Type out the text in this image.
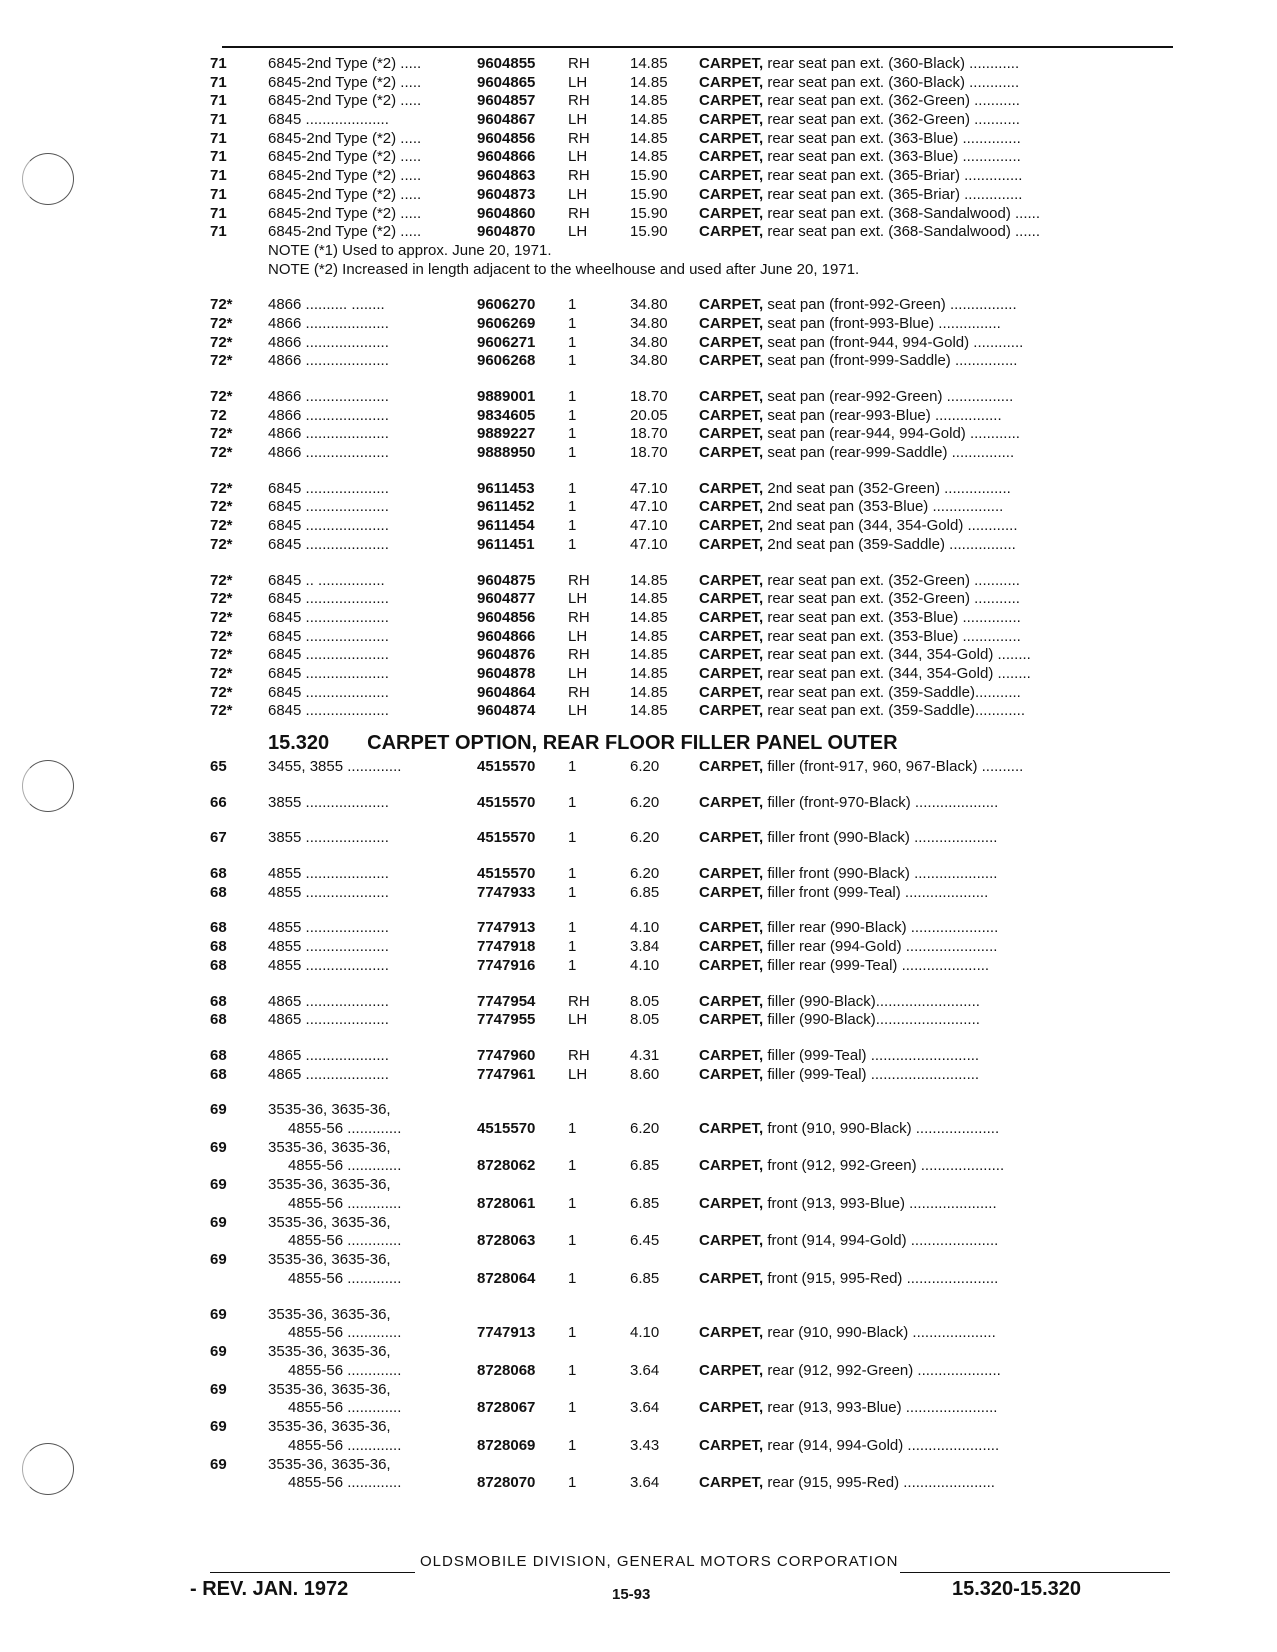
71	6845-2nd Type (*2) .....	9604855 RH	14.85 CARPET, rear seat pan ext. (360-Black) ............
71	6845-2nd Type (*2) .....	9604865 LH	14.85 CARPET, rear seat pan ext. (360-Black) ............
71	6845-2nd Type (*2) .....	9604857 RH	14.85 CARPET, rear seat pan ext. (362-Green) ...........
71	6845 ....................	9604867 LH	14.85 CARPET, rear seat pan ext. (362-Green) ...........
71	6845-2nd Type (*2) .....	9604856 RH	14.85 CARPET, rear seat pan ext. (363-Blue) ..............
71	6845-2nd Type (*2) .....	9604866 LH	14.85 CARPET, rear seat pan ext. (363-Blue) ..............
71	6845-2nd Type (*2) .....	9604863 RH	15.90 CARPET, rear seat pan ext. (365-Briar) ..............
71	6845-2nd Type (*2) .....	9604873 LH	15.90 CARPET, rear seat pan ext. (365-Briar) ..............
71	6845-2nd Type (*2) .....	9604860 RH	15.90 CARPET, rear seat pan ext. (368-Sandalwood) ......
71	6845-2nd Type (*2) .....	9604870 LH	15.90 CARPET, rear seat pan ext. (368-Sandalwood) ......
NOTE (*1) Used to approx. June 20, 1971.
NOTE (*2) Increased in length adjacent to the wheelhouse and used after June 20, 1971.
72*	4866 .......... ........	9606270 1	34.80 CARPET, seat pan (front-992-Green) ................
72*	4866 ....................	9606269 1	34.80 CARPET, seat pan (front-993-Blue) ...............
72*	4866 ....................	9606271 1	34.80 CARPET, seat pan (front-944, 994-Gold) ............
72*	4866 ....................	9606268 1	34.80 CARPET, seat pan (front-999-Saddle) ...............
72*	4866 ....................	9889001 1	18.70 CARPET, seat pan (rear-992-Green) ................
72	4866 ....................	9834605 1	20.05 CARPET, seat pan (rear-993-Blue) ................
72*	4866 ....................	9889227 1	18.70 CARPET, seat pan (rear-944, 994-Gold) ............
72*	4866 ....................	9888950 1	18.70 CARPET, seat pan (rear-999-Saddle) ...............
72*	6845 ....................	9611453 1	47.10 CARPET, 2nd seat pan (352-Green) ................
72*	6845 ....................	9611452 1	47.10 CARPET, 2nd seat pan (353-Blue) .................
72*	6845 ....................	9611454 1	47.10 CARPET, 2nd seat pan (344, 354-Gold) ............
72*	6845 ....................	9611451 1	47.10 CARPET, 2nd seat pan (359-Saddle) ................
72*	6845 .. ................	9604875 RH	14.85 CARPET, rear seat pan ext. (352-Green) ...........
72*	6845 ....................	9604877 LH	14.85 CARPET, rear seat pan ext. (352-Green) ...........
72*	6845 ....................	9604856 RH	14.85 CARPET, rear seat pan ext. (353-Blue) ..............
72*	6845 ....................	9604866 LH	14.85 CARPET, rear seat pan ext. (353-Blue) ..............
72*	6845 ....................	9604876 RH	14.85 CARPET, rear seat pan ext. (344, 354-Gold) ........
72*	6845 ....................	9604878 LH	14.85 CARPET, rear seat pan ext. (344, 354-Gold) ........
72*	6845 ....................	9604864 RH	14.85 CARPET, rear seat pan ext. (359-Saddle)...........
72*	6845 ....................	9604874 LH	14.85 CARPET, rear seat pan ext. (359-Saddle)............
15.320 CARPET OPTION, REAR FLOOR FILLER PANEL OUTER
65	3455, 3855 .............	4515570 1	6.20	CARPET, filler (front-917, 960, 967-Black) ..........
66	3855 ....................	4515570 1	6.20	CARPET, filler (front-970-Black) ....................
67	3855 ....................	4515570 1	6.20	CARPET, filler front (990-Black) ....................
68	4855 ....................	4515570 1	6.20	CARPET, filler front (990-Black) ....................
68	4855 ....................	7747933 1	6.85	CARPET, filler front (999-Teal) ....................
68	4855 ....................	7747913 1	4.10	CARPET, filler rear (990-Black) .....................
68	4855 ....................	7747918 1	3.84	CARPET, filler rear (994-Gold) ......................
68	4855 ....................	7747916 1	4.10	CARPET, filler rear (999-Teal) .....................
68	4865 ....................	7747954 RH	8.05	CARPET, filler (990-Black).........................
68	4865 ....................	7747955 LH	8.05	CARPET, filler (990-Black).........................
68	4865 ....................	7747960 RH	4.31	CARPET, filler (999-Teal) ..........................
68	4865 ....................	7747961 LH	8.60	CARPET, filler (999-Teal) ..........................
69	3535-36, 3635-36,
4855-56 .............	4515570 1	6.20	CARPET, front (910, 990-Black) ....................
69	3535-36, 3635-36,
4855-56 .............	8728062 1	6.85	CARPET, front (912, 992-Green) ....................
69	3535-36, 3635-36,
4855-56 .............	8728061 1	6.85	CARPET, front (913, 993-Blue) .....................
69	3535-36, 3635-36,
4855-56 .............	8728063 1	6.45	CARPET, front (914, 994-Gold) .....................
69	3535-36, 3635-36,
4855-56 .............	8728064 1	6.85	CARPET, front (915, 995-Red) ......................
69	3535-36, 3635-36,
4855-56 .............	7747913 1	4.10	CARPET, rear (910, 990-Black) ....................
69	3535-36, 3635-36,
4855-56 .............	8728068 1	3.64	CARPET, rear (912, 992-Green) ....................
69	3535-36, 3635-36,
4855-56 .............	8728067 1	3.64	CARPET, rear (913, 993-Blue) ......................
69	3535-36, 3635-36,
4855-56 .............	8728069 1	3.43	CARPET, rear (914, 994-Gold) ......................
69	3535-36, 3635-36,
4855-56 .............	8728070 1	3.64	CARPET, rear (915, 995-Red) ......................
OLDSMOBILE DIVISION, GENERAL MOTORS CORPORATION
- REV. JAN. 1972	15-93	15.320-15.320
